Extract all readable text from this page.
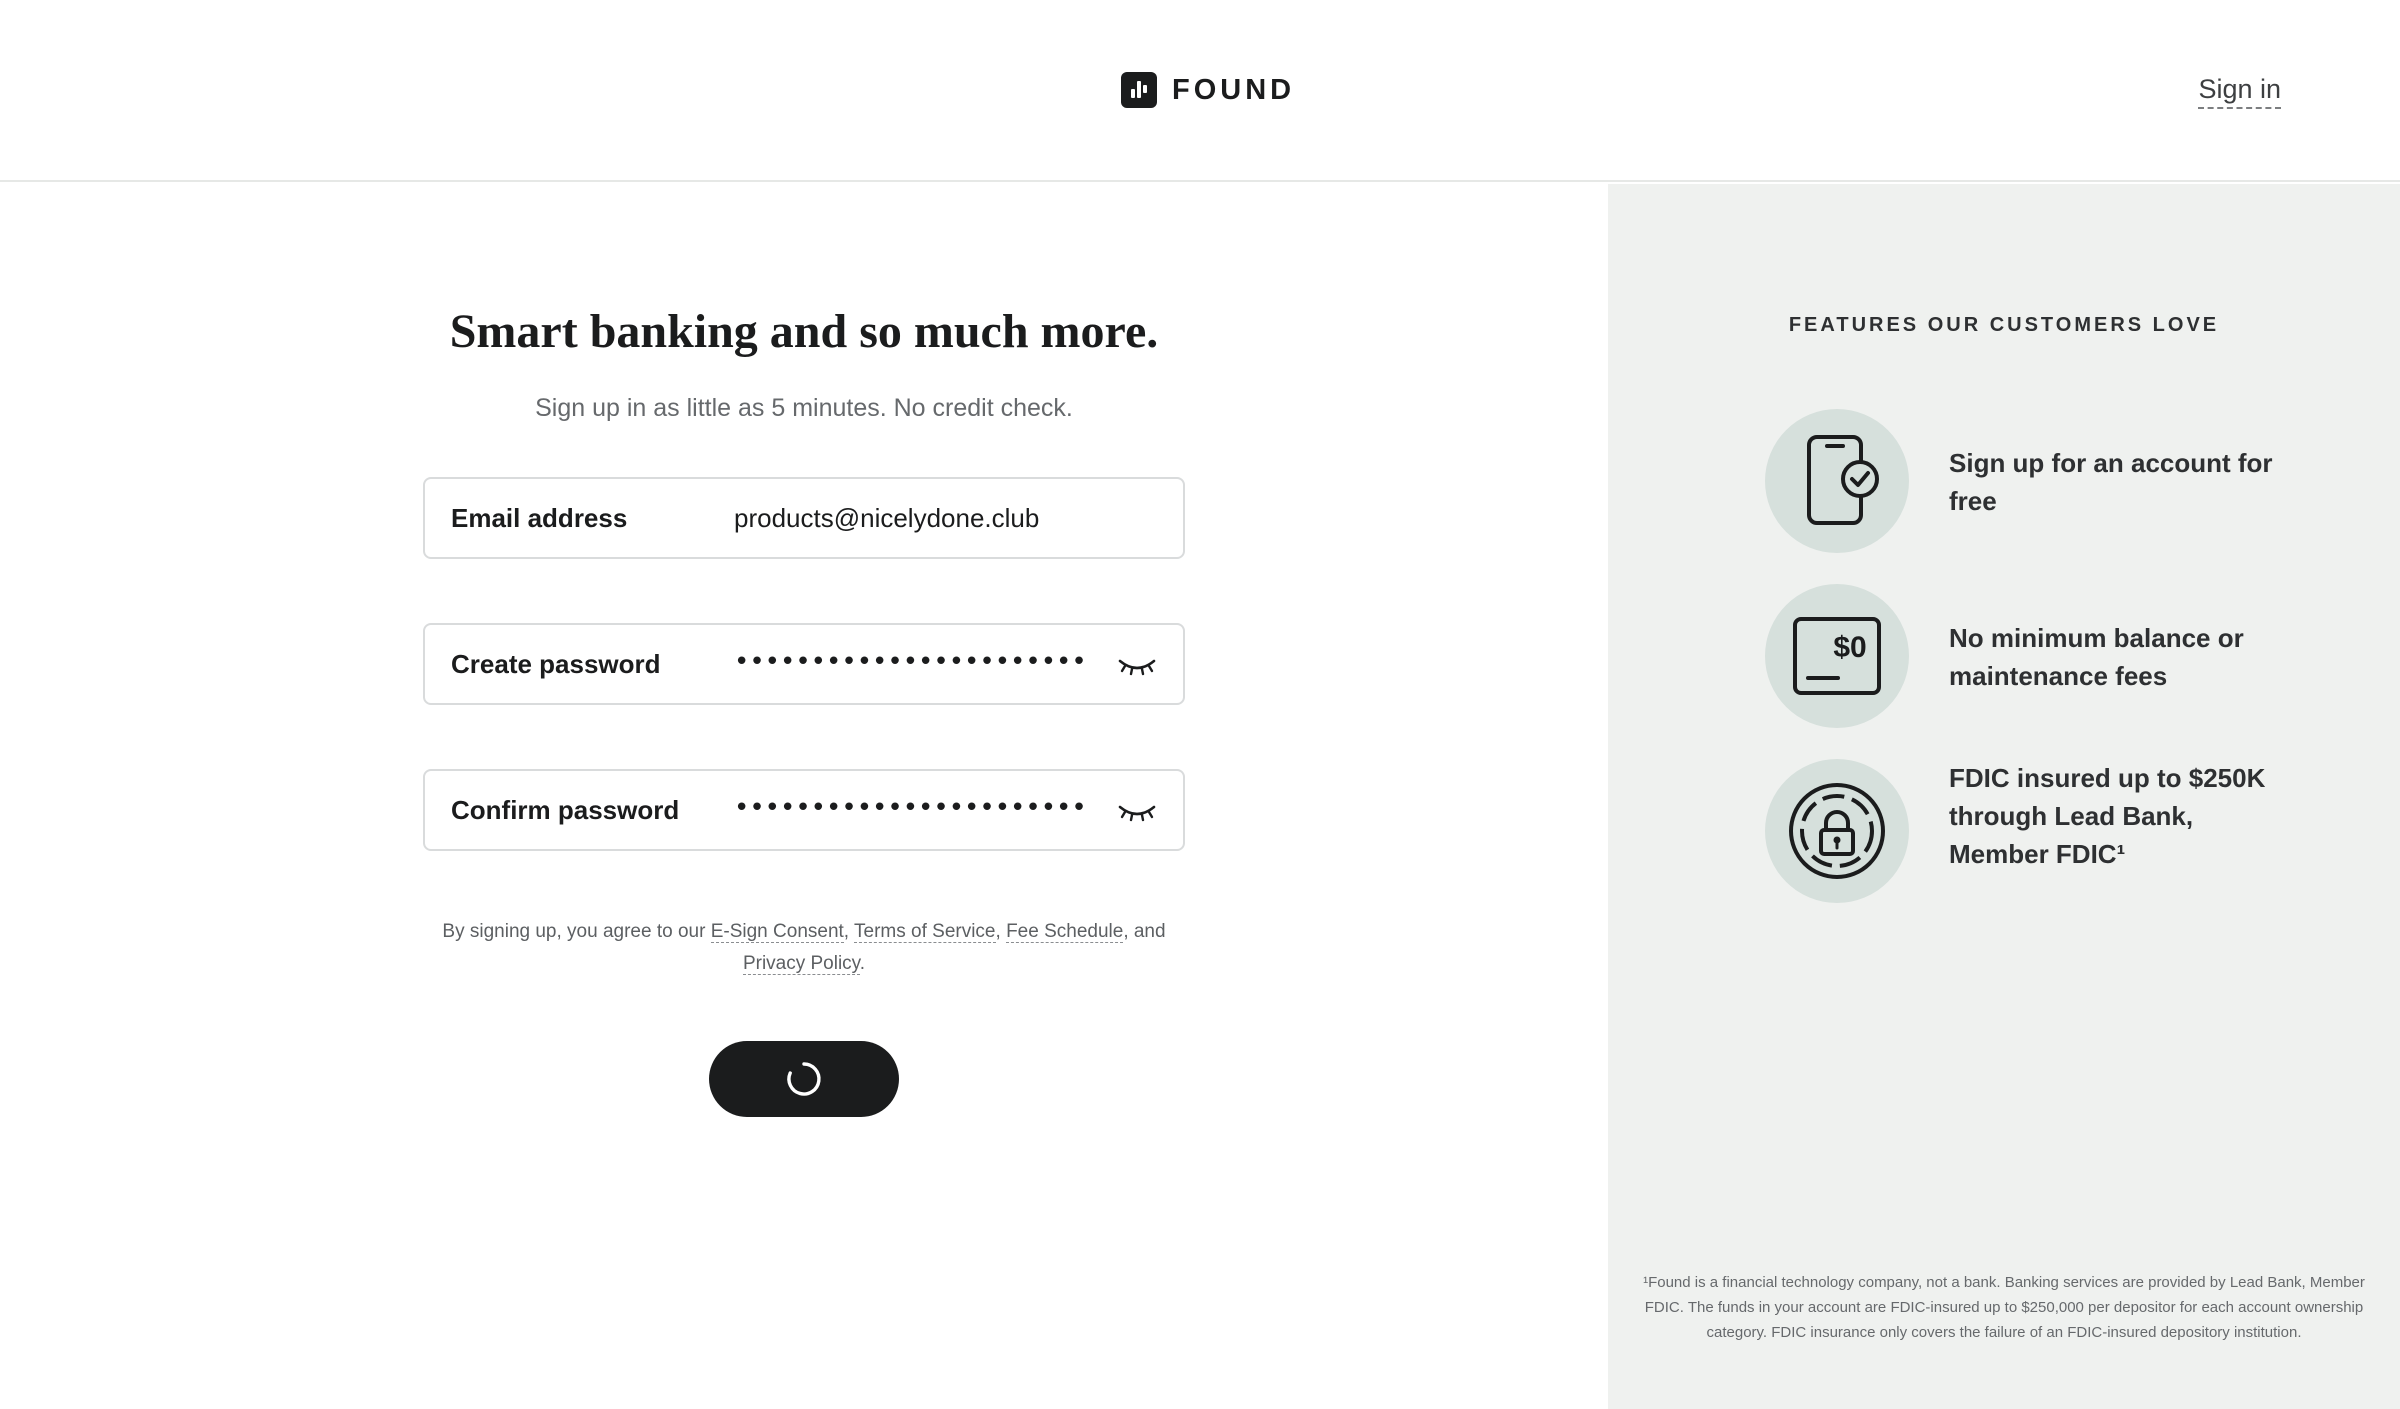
FOUND	Sign in
Smart banking and so much more.

Sign up in as little as 5 minutes. No credit check.

Email address
products@nicelydone.club
Create password	•••••••••••••••••••••••
Confirm password •••••••••••••••••••••••

By signing up, you agree to our E-Sign Consent, Terms of Service, Fee Schedule, and
Privacy Policy.

FEATURES OUR CUSTOMERS LOVE

Sign up for an account for free

$0	No minimum balance or maintenance fees

FDIC insured up to $250K through Lead Bank, Member FDIC¹

¹Found is a financial technology company, not a bank. Banking services are provided by Lead Bank, Member FDIC. The funds in your account are FDIC-insured up to $250,000 per depositor for each account ownership category. FDIC insurance only covers the failure of an FDIC-insured depository institution.
